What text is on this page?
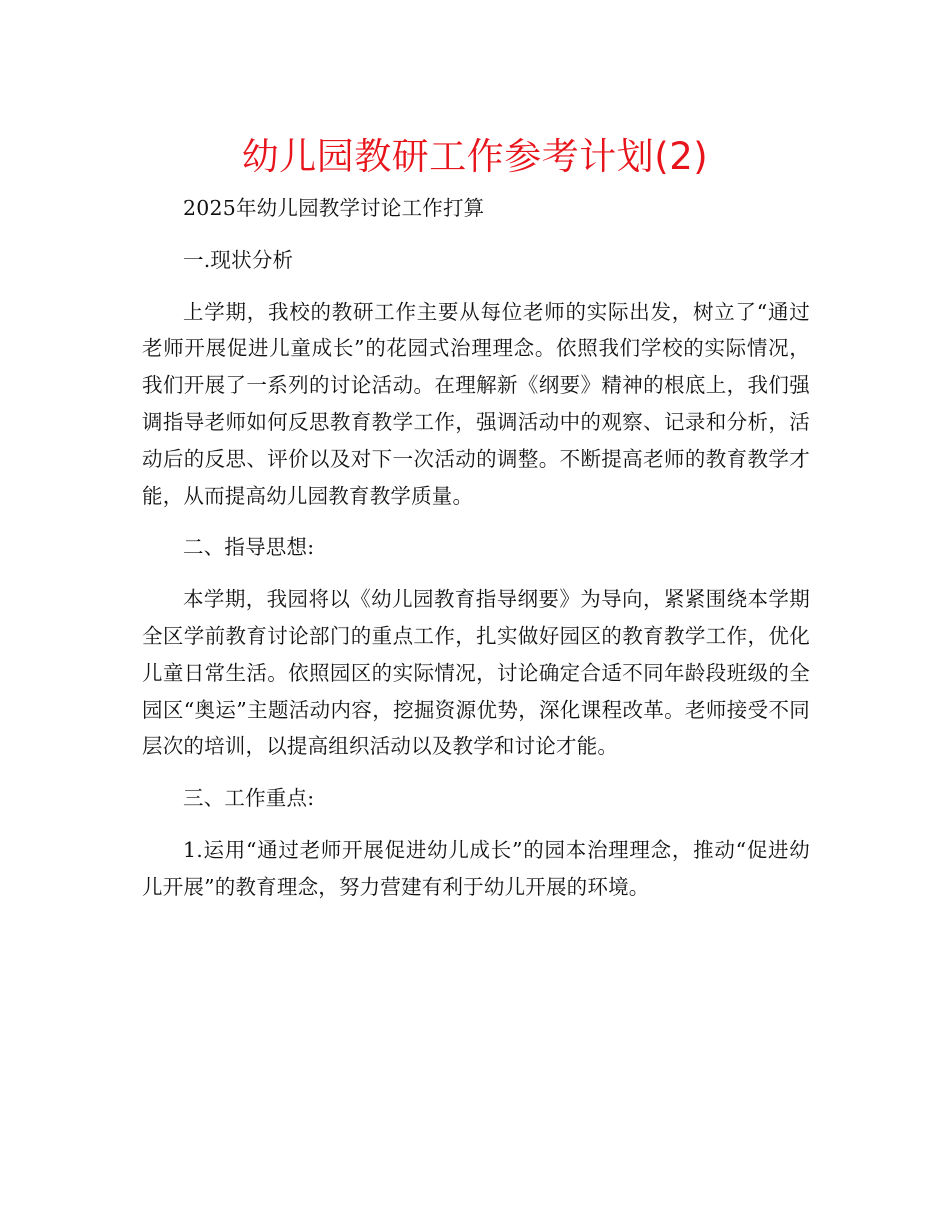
幼儿园教研工作参考计划(2)

2025年幼儿园教学讨论工作打算

一.现状分析

上学期，我校的教研工作主要从每位老师的实际出发，树立了“通过老师开展促进儿童成长”的花园式治理理念。依照我们学校的实际情况，我们开展了一系列的讨论活动。在理解新《纲要》精神的根底上，我们强调指导老师如何反思教育教学工作，强调活动中的观察、记录和分析，活动后的反思、评价以及对下一次活动的调整。不断提高老师的教育教学才能，从而提高幼儿园教育教学质量。

二、指导思想:

本学期，我园将以《幼儿园教育指导纲要》为导向，紧紧围绕本学期全区学前教育讨论部门的重点工作，扎实做好园区的教育教学工作，优化儿童日常生活。依照园区的实际情况，讨论确定合适不同年龄段班级的全园区“奥运”主题活动内容，挖掘资源优势，深化课程改革。老师接受不同层次的培训，以提高组织活动以及教学和讨论才能。

三、工作重点:

1.运用“通过老师开展促进幼儿成长”的园本治理理念，推动“促进幼儿开展”的教育理念，努力营建有利于幼儿开展的环境。
